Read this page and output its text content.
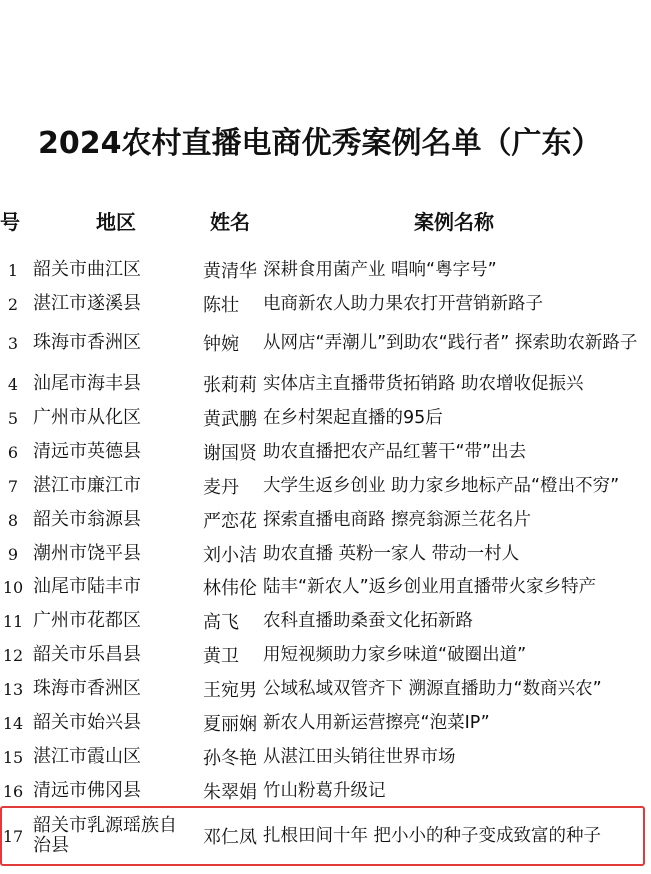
2024农村直播电商优秀案例名单（广东）
号	地区	姓名	案例名称
1 韶关市曲江区	黄清华 深耕食用菌产业 唱响“粤字号”
2 湛江市遂溪县	陈壮	电商新农人助力果农打开营销新路子
3 珠海市香洲区	钟婉	从网店“弄潮儿”到助农“践行者” 探索助农新路子
4 汕尾市海丰县	张莉莉 实体店主直播带货拓销路 助农增收促振兴
5 广州市从化区	黄武鹏 在乡村架起直播的95后
6 清远市英德县	谢国贤 助农直播把农产品红薯干“带”出去
7 湛江市廉江市	麦丹	大学生返乡创业 助力家乡地标产品“橙出不穷”
8 韶关市翁源县	严恋花 探索直播电商路 擦亮翁源兰花名片
9 潮州市饶平县	刘小洁 助农直播 英粉一家人 带动一村人
10 汕尾市陆丰市	林伟伦 陆丰“新农人”返乡创业用直播带火家乡特产
11 广州市花都区	高飞	农科直播助桑蚕文化拓新路
12 韶关市乐昌县	黄卫	用短视频助力家乡味道“破圈出道”
13 珠海市香洲区	王宛男 公域私域双管齐下 溯源直播助力“数商兴农”
14 韶关市始兴县	夏丽娴 新农人用新运营擦亮“泡菜IP”
15 湛江市霞山区	孙冬艳 从湛江田头销往世界市场
16 清远市佛冈县	朱翠娟 竹山粉葛升级记
17 韶关市乳源瑶族自治县	邓仁凤 扎根田间十年 把小小的种子变成致富的种子
